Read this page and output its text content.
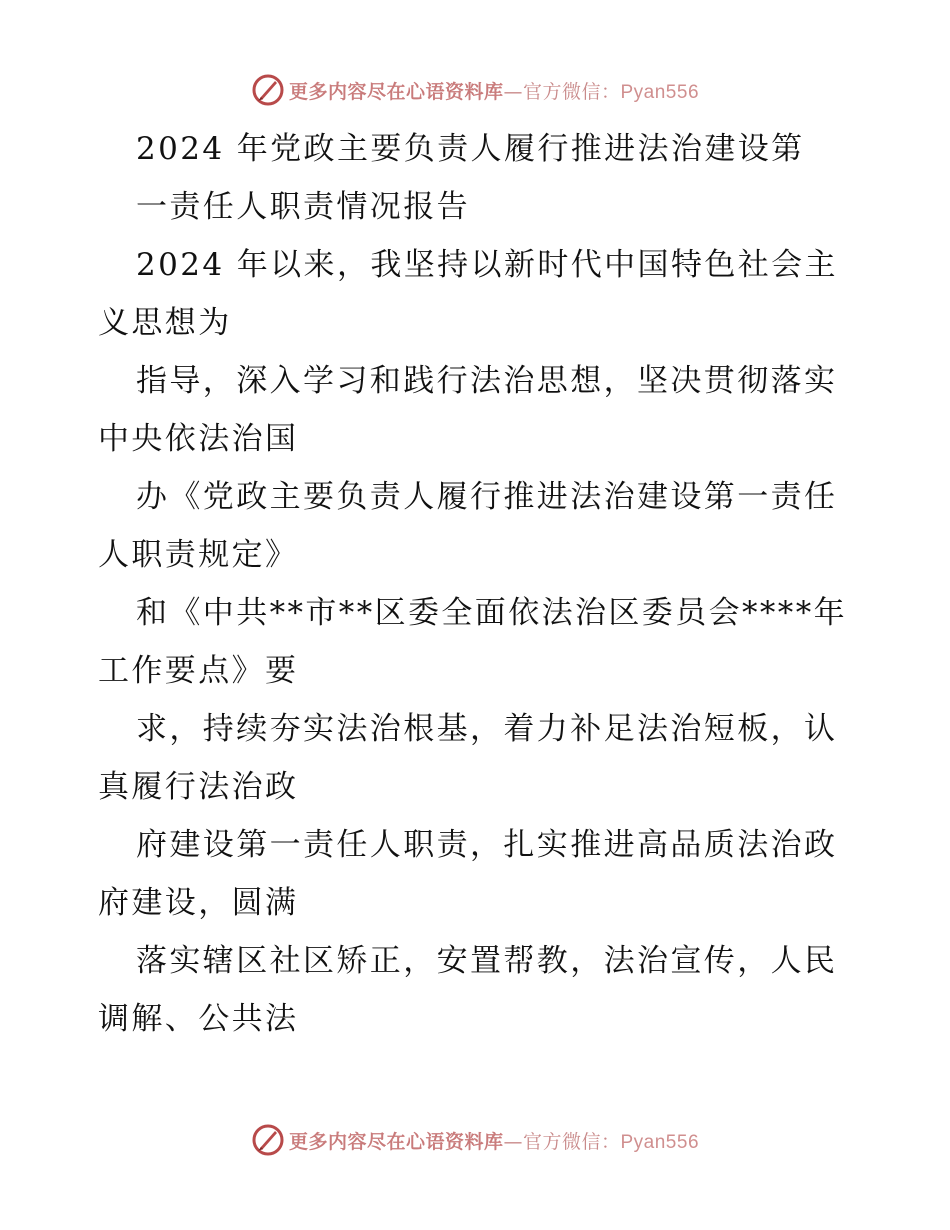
更多内容尽在心语资料库—官方微信：Pyan556
2024 年党政主要负责人履行推进法治建设第
一责任人职责情况报告
2024 年以来，我坚持以新时代中国特色社会主
义思想为
指导，深入学习和践行法治思想，坚决贯彻落实
中央依法治国
办《党政主要负责人履行推进法治建设第一责任
人职责规定》
和《中共**市**区委全面依法治区委员会****年
工作要点》要
求，持续夯实法治根基，着力补足法治短板，认
真履行法治政
府建设第一责任人职责，扎实推进高品质法治政
府建设，圆满
落实辖区社区矫正，安置帮教，法治宣传，人民
调解、公共法
更多内容尽在心语资料库—官方微信：Pyan556
